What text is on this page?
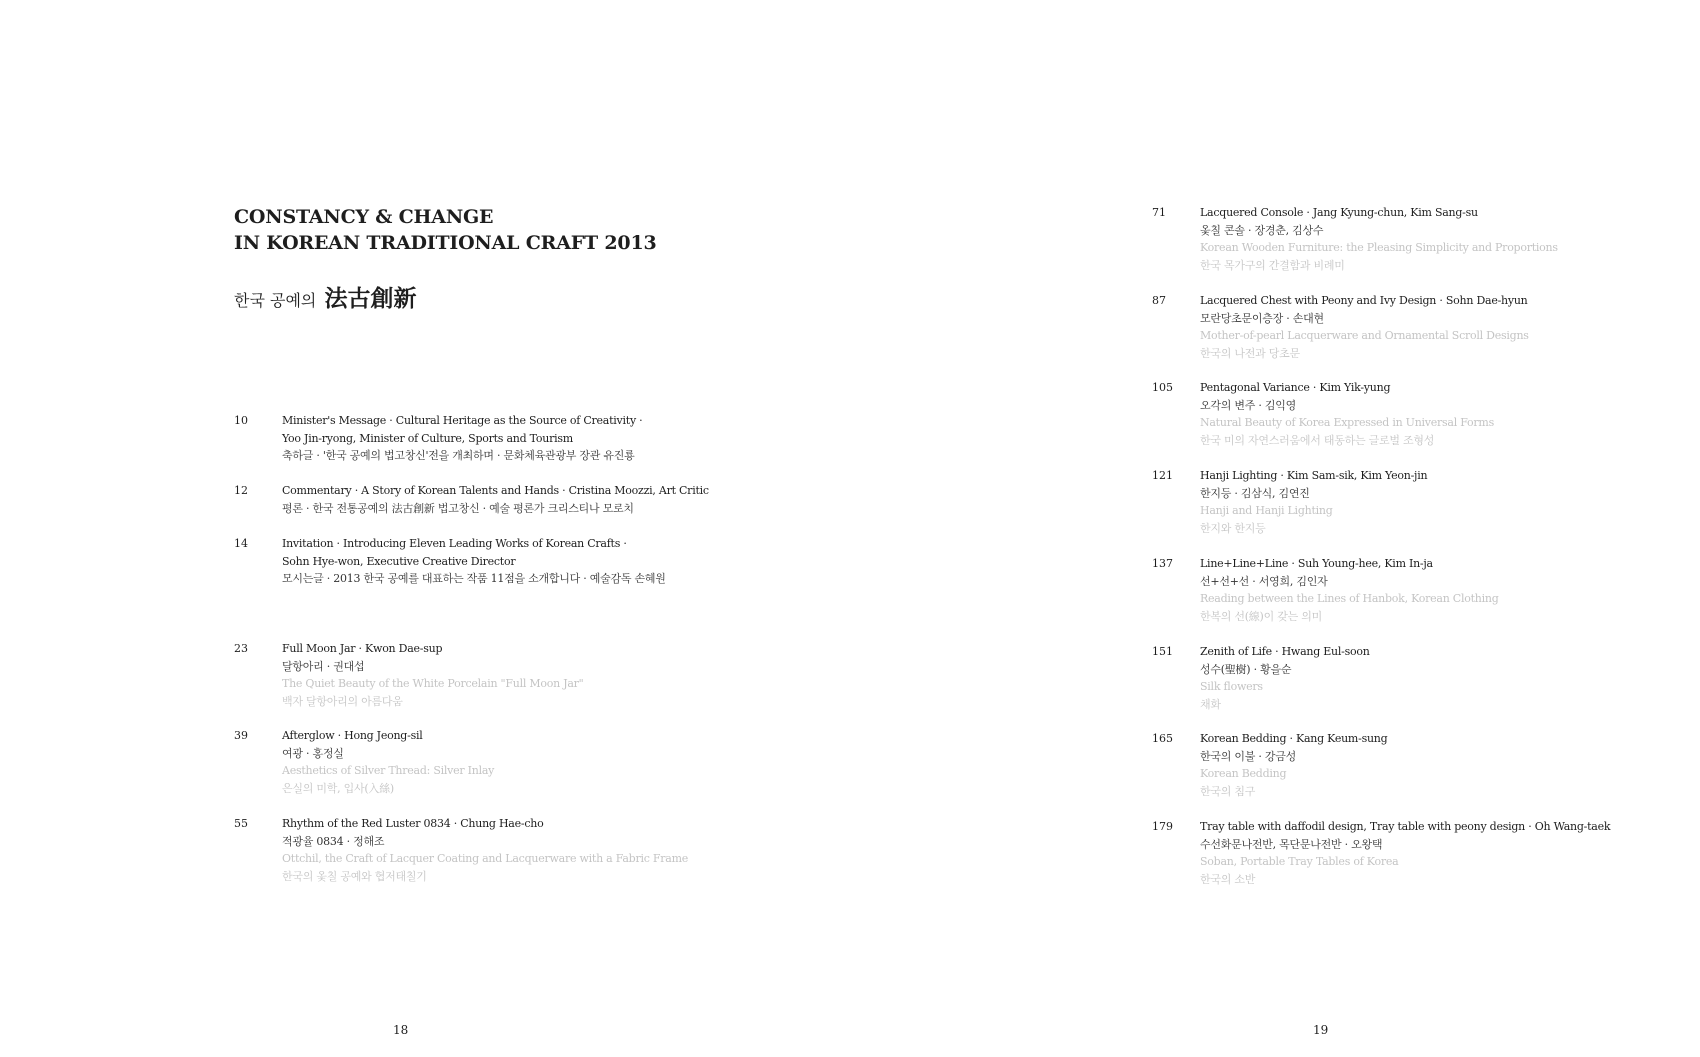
CONSTANCY & CHANGE
IN KOREAN TRADITIONAL CRAFT 2013
한국 공예의 法古創新
10	Minister's Message · Cultural Heritage as the Source of Creativity ·
Yoo Jin-ryong, Minister of Culture, Sports and Tourism
축하글 · '한국 공예의 법고창신'전을 개최하며 · 문화체육관광부 장관 유진룡
12	Commentary · A Story of Korean Talents and Hands · Cristina Moozzi, Art Critic
평론 · 한국 전통공예의 法古創新 법고창신 · 예술 평론가 크리스티나 모로치
14	Invitation · Introducing Eleven Leading Works of Korean Crafts ·
Sohn Hye-won, Executive Creative Director
모시는글 · 2013 한국 공예를 대표하는 작품 11점을 소개합니다 · 예술감독 손혜원
23	Full Moon Jar · Kwon Dae-sup
달항아리 · 권대섭
The Quiet Beauty of the White Porcelain "Full Moon Jar"
백자 달항아리의 아름다움
39	Afterglow · Hong Jeong-sil
여광 · 홍정실
Aesthetics of Silver Thread: Silver Inlay
은실의 미학, 입사(入絲)
55	Rhythm of the Red Luster 0834 · Chung Hae-cho
적광율 0834 · 정해조
Ottchil, the Craft of Lacquer Coating and Lacquerware with a Fabric Frame
한국의 옻칠 공예와 협저태칠기
71	Lacquered Console · Jang Kyung-chun, Kim Sang-su
옻칠 콘솔 · 장경춘, 김상수
Korean Wooden Furniture: the Pleasing Simplicity and Proportions
한국 목가구의 간결함과 비례미
87	Lacquered Chest with Peony and Ivy Design · Sohn Dae-hyun
모란당초문이층장 · 손대현
Mother-of-pearl Lacquerware and Ornamental Scroll Designs
한국의 나전과 당초문
105 Pentagonal Variance · Kim Yik-yung
오각의 변주 · 김익영
Natural Beauty of Korea Expressed in Universal Forms
한국 미의 자연스러움에서 태동하는 글로벌 조형성
121 Hanji Lighting · Kim Sam-sik, Kim Yeon-jin
한지등 · 김삼식, 김연진
Hanji and Hanji Lighting
한지와 한지등
137 Line+Line+Line · Suh Young-hee, Kim In-ja
선+선+선 · 서영희, 김인자
Reading between the Lines of Hanbok, Korean Clothing
한복의 선(線)이 갖는 의미
151 Zenith of Life · Hwang Eul-soon
성수(聖樹) · 황을순
Silk flowers
채화
165 Korean Bedding · Kang Keum-sung
한국의 이불 · 강금성
Korean Bedding
한국의 침구
179 Tray table with daffodil design, Tray table with peony design · Oh Wang-taek
수선화문나전반, 목단문나전반 · 오왕택
Soban, Portable Tray Tables of Korea
한국의 소반
18	19
